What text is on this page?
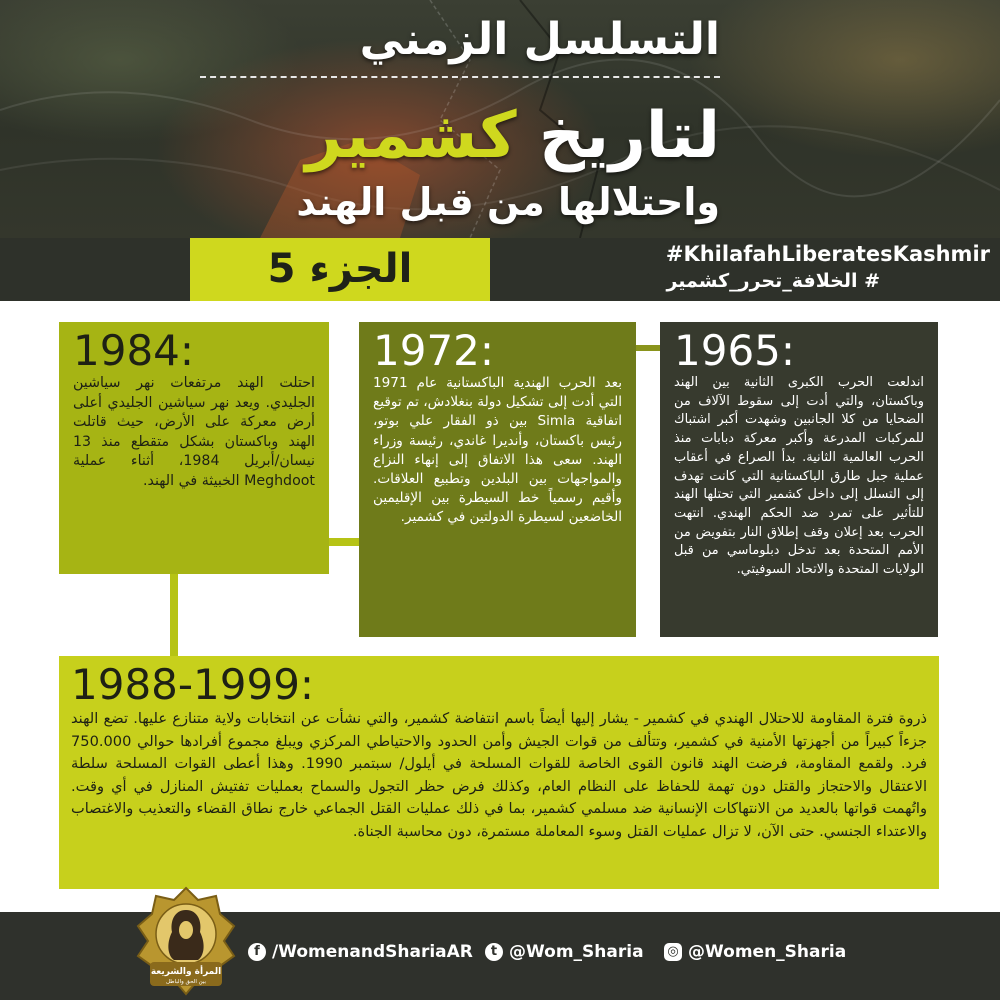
التسلسل الزمني
لتاريخ كشمير
واحتلالها من قبل الهند
الجزء 5	#KhilafahLiberatesKashmir
# الخلافة_تحرر_كشمير
1984:
احتلت الهند مرتفعات نهر سياشين الجليدي. ويعد نهر سياشين الجليدي أعلى أرض معركة على الأرض، حيث قاتلت الهند وباكستان بشكل متقطع منذ 13 نيسان/أبريل 1984، أثناء عملية Meghdoot الخبيثة في الهند.
1972:
بعد الحرب الهندية الباكستانية عام 1971 التي أدت إلى تشكيل دولة بنغلادش، تم توقيع اتفاقية Simla بين ذو الفقار علي بوتو، رئيس باكستان، وأنديرا غاندي، رئيسة وزراء الهند. سعى هذا الاتفاق إلى إنهاء النزاع والمواجهات بين البلدين وتطبيع العلاقات. وأقيم رسمياً خط السيطرة بين الإقليمين الخاضعين لسيطرة الدولتين في كشمير.
1965:
اندلعت الحرب الكبرى الثانية بين الهند وباكستان، والتي أدت إلى سقوط الآلاف من الضحايا من كلا الجانبين وشهدت أكبر اشتباك للمركبات المدرعة وأكبر معركة دبابات منذ الحرب العالمية الثانية. بدأ الصراع في أعقاب عملية جبل طارق الباكستانية التي كانت تهدف إلى التسلل إلى داخل كشمير التي تحتلها الهند للتأثير على تمرد ضد الحكم الهندي. انتهت الحرب بعد إعلان وقف إطلاق النار بتفويض من الأمم المتحدة بعد تدخل دبلوماسي من قبل الولايات المتحدة والاتحاد السوفيتي.
1988-1999:
ذروة فترة المقاومة للاحتلال الهندي في كشمير - يشار إليها أيضاً باسم انتفاضة كشمير، والتي نشأت عن انتخابات ولاية متنازع عليها. تضع الهند جزءاً كبيراً من أجهزتها الأمنية في كشمير، وتتألف من قوات الجيش وأمن الحدود والاحتياطي المركزي ويبلغ مجموع أفرادها حوالي 750.000 فرد. ولقمع المقاومة، فرضت الهند قانون القوى الخاصة للقوات المسلحة في أيلول/ سبتمبر 1990. وهذا أعطى القوات المسلحة سلطة الاعتقال والاحتجاز والقتل دون تهمة للحفاظ على النظام العام، وكذلك فرض حظر التجول والسماح بعمليات تفتيش المنازل في أي وقت. واتُهمت قواتها بالعديد من الانتهاكات الإنسانية ضد مسلمي كشمير، بما في ذلك عمليات القتل الجماعي خارج نطاق القضاء والتعذيب والاغتصاب والاعتداء الجنسي. حتى الآن، لا تزال عمليات القتل وسوء المعاملة مستمرة، دون محاسبة الجناة.
المرأة والشريعة
بين الحق والباطل
f /WomenandShariaAR	t @Wom_Sharia ◎ @Women_Sharia
